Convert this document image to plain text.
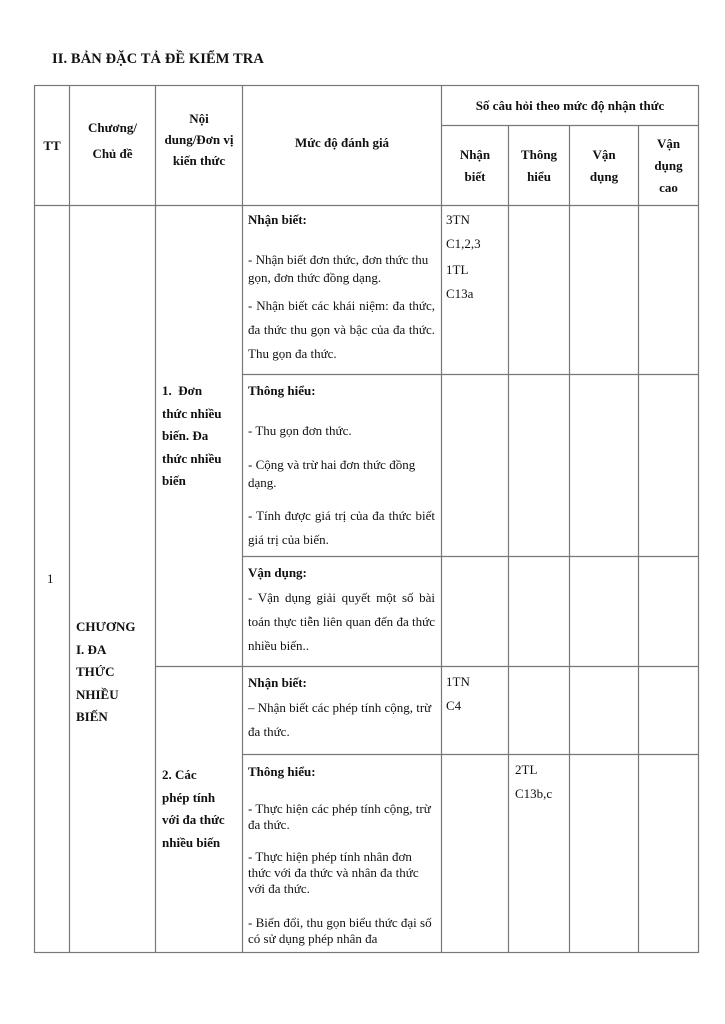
II. BẢN ĐẶC TẢ ĐỀ KIỂM TRA
TT
Chương/
Chủ đề
Nội
dung/Đơn vị
kiến thức
Mức độ đánh giá
Số câu hỏi theo mức độ nhận thức
Nhận
biết
Thông
hiểu
Vận
dụng
Vận
dụng
cao
1
CHƯƠNG
I. ĐA
THỨC
NHIỀU
BIẾN
1.  Đơn
thức nhiều
biến. Đa
thức nhiều
biến
2. Các
phép tính
với đa thức
nhiều biến
Nhận biết:
- Nhận biết đơn thức, đơn thức thu gọn, đơn thức đồng dạng.
- Nhận biết các khái niệm: đa thức, đa thức thu gọn và bậc của đa thức. Thu gọn đa thức.
3TN
C1,2,3
1TL
C13a
Thông hiểu:
- Thu gọn đơn thức.
- Cộng và trừ hai đơn thức đồng dạng.
- Tính được giá trị của đa thức biết giá trị của biến.
Vận dụng:
- Vận dụng giải quyết một số bài toán thực tiễn liên quan đến đa thức nhiều biến..
Nhận biết:
– Nhận biết các phép tính cộng, trừ đa thức.
1TN
C4
Thông hiểu:
- Thực hiện các phép tính cộng, trừ đa thức.
- Thực hiện phép tính nhân đơn thức với đa thức và nhân đa thức với đa thức.
- Biến đổi, thu gọn biểu thức đại số có sử dụng phép nhân đa
2TL
C13b,c
